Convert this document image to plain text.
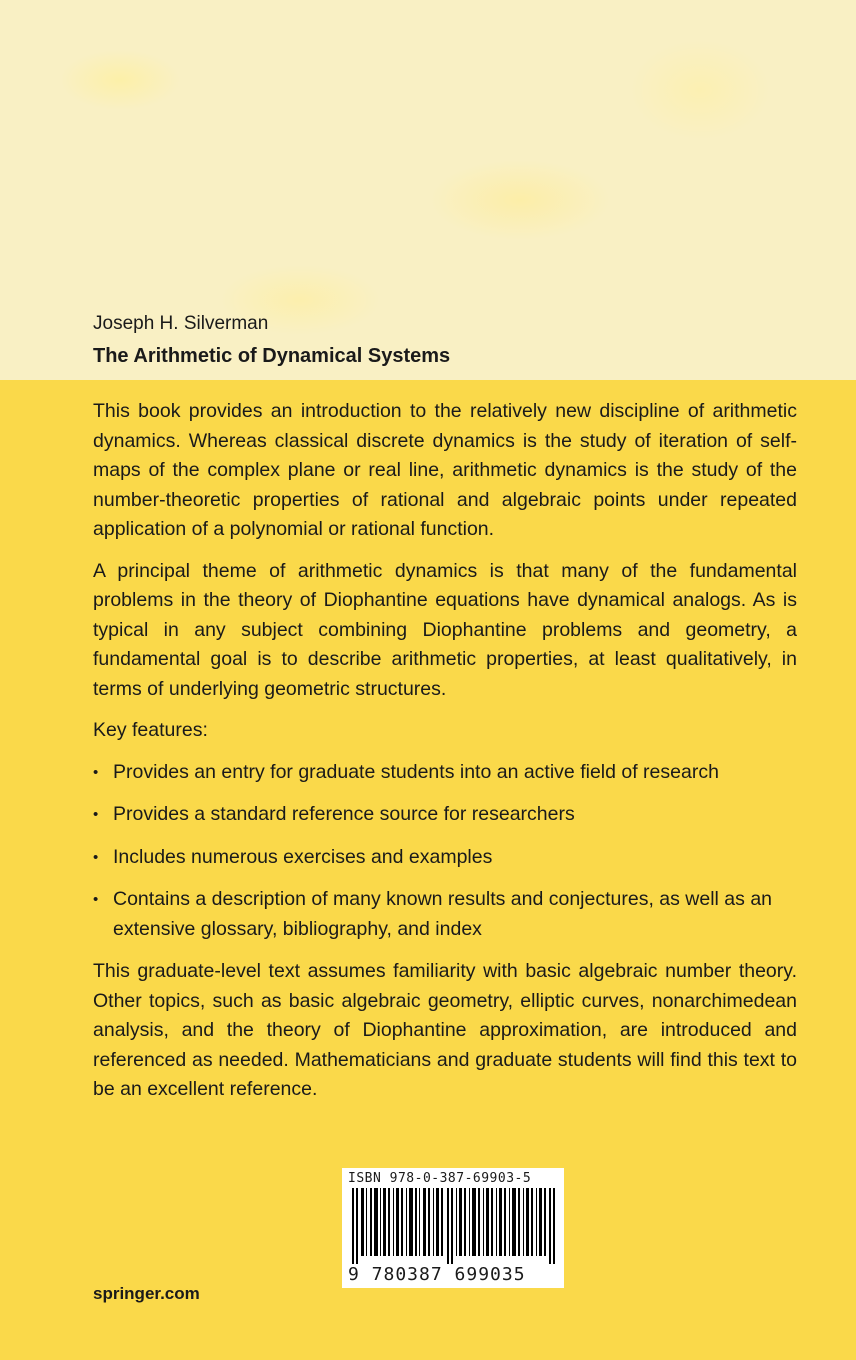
Joseph H. Silverman
The Arithmetic of Dynamical Systems

This book provides an introduction to the relatively new discipline of arithmetic dynamics. Whereas classical discrete dynamics is the study of iteration of self-maps of the complex plane or real line, arithmetic dynamics is the study of the number-theoretic properties of rational and algebraic points under repeated application of a polynomial or rational function.

A principal theme of arithmetic dynamics is that many of the fundamental problems in the theory of Diophantine equations have dynamical analogs. As is typical in any subject combining Diophantine problems and geometry, a fundamental goal is to describe arithmetic properties, at least qualitatively, in terms of underlying geometric structures.

Key features:

• Provides an entry for graduate students into an active field of research
• Provides a standard reference source for researchers
• Includes numerous exercises and examples
• Contains a description of many known results and conjectures, as well as an extensive glossary, bibliography, and index

This graduate-level text assumes familiarity with basic algebraic number theory. Other topics, such as basic algebraic geometry, elliptic curves, nonarchimedean analysis, and the theory of Diophantine approximation, are introduced and referenced as needed. Mathematicians and graduate students will find this text to be an excellent reference.

ISBN 978-0-387-69903-5
9 780387 699035
springer.com
